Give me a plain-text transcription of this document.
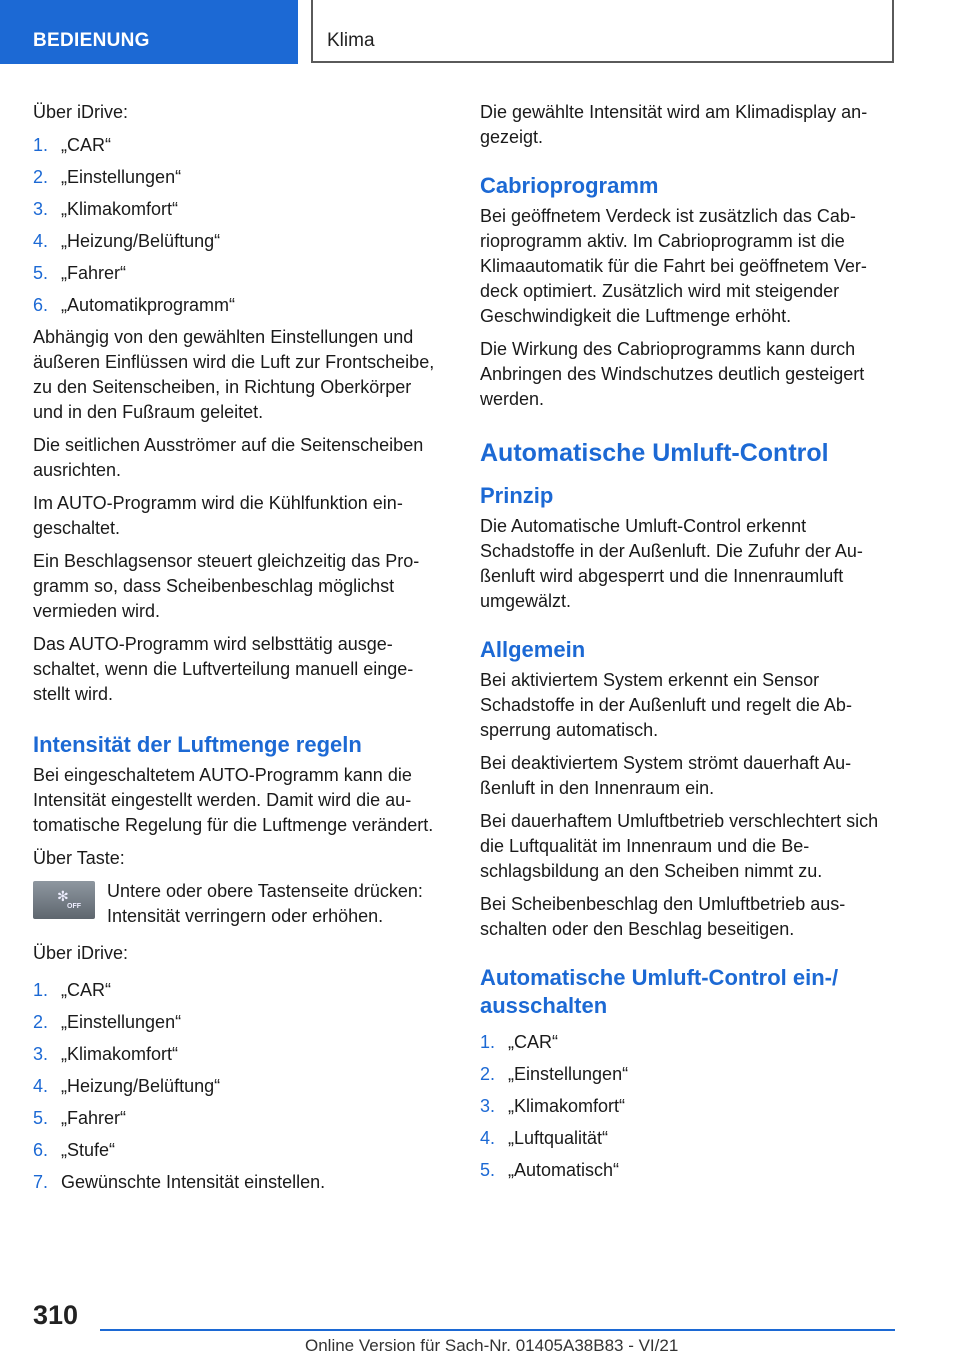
BEDIENUNG	Klima

Über iDrive:

1. „CAR“
2. „Einstellungen“
3. „Klimakomfort“
4. „Heizung/Belüftung“
5. „Fahrer“
6. „Automatikprogramm“

Abhängig von den gewählten Einstellungen und äußeren Einflüssen wird die Luft zur Frontscheibe, zu den Seitenscheiben, in Richtung Oberkörper und in den Fußraum geleitet.

Die seitlichen Ausströmer auf die Seitenscheiben ausrichten.

Im AUTO-Programm wird die Kühlfunktion eingeschaltet.

Ein Beschlagsensor steuert gleichzeitig das Programm so, dass Scheibenbeschlag möglichst vermieden wird.

Das AUTO-Programm wird selbsttätig ausgeschaltet, wenn die Luftverteilung manuell eingestellt wird.

Intensität der Luftmenge regeln

Bei eingeschaltetem AUTO-Programm kann die Intensität eingestellt werden. Damit wird die automatische Regelung für die Luftmenge verändert.

Über Taste:

✻
OFF
Untere oder obere Tastenseite drücken: Intensität verringern oder erhöhen.

Über iDrive:

1. „CAR“
2. „Einstellungen“
3. „Klimakomfort“
4. „Heizung/Belüftung“
5. „Fahrer“
6. „Stufe“
7. Gewünschte Intensität einstellen.

Die gewählte Intensität wird am Klimadisplay angezeigt.

Cabrioprogramm

Bei geöffnetem Verdeck ist zusätzlich das Cabrioprogramm aktiv. Im Cabrioprogramm ist die Klimaautomatik für die Fahrt bei geöffnetem Verdeck optimiert. Zusätzlich wird mit steigender Geschwindigkeit die Luftmenge erhöht.

Die Wirkung des Cabrioprogramms kann durch Anbringen des Windschutzes deutlich gesteigert werden.

Automatische Umluft-Control
Prinzip

Die Automatische Umluft-Control erkennt Schadstoffe in der Außenluft. Die Zufuhr der Außenluft wird abgesperrt und die Innenraumluft umgewälzt.

Allgemein

Bei aktiviertem System erkennt ein Sensor Schadstoffe in der Außenluft und regelt die Absperrung automatisch.

Bei deaktiviertem System strömt dauerhaft Außenluft in den Innenraum ein.

Bei dauerhaftem Umluftbetrieb verschlechtert sich die Luftqualität im Innenraum und die Beschlagsbildung an den Scheiben nimmt zu.

Bei Scheibenbeschlag den Umluftbetrieb ausschalten oder den Beschlag beseitigen.

Automatische Umluft-Control ein-/ ausschalten
1. „CAR“
2. „Einstellungen“
3. „Klimakomfort“
4. „Luftqualität“
5. „Automatisch“
310
Online Version für Sach-Nr. 01405A38B83 - VI/21
